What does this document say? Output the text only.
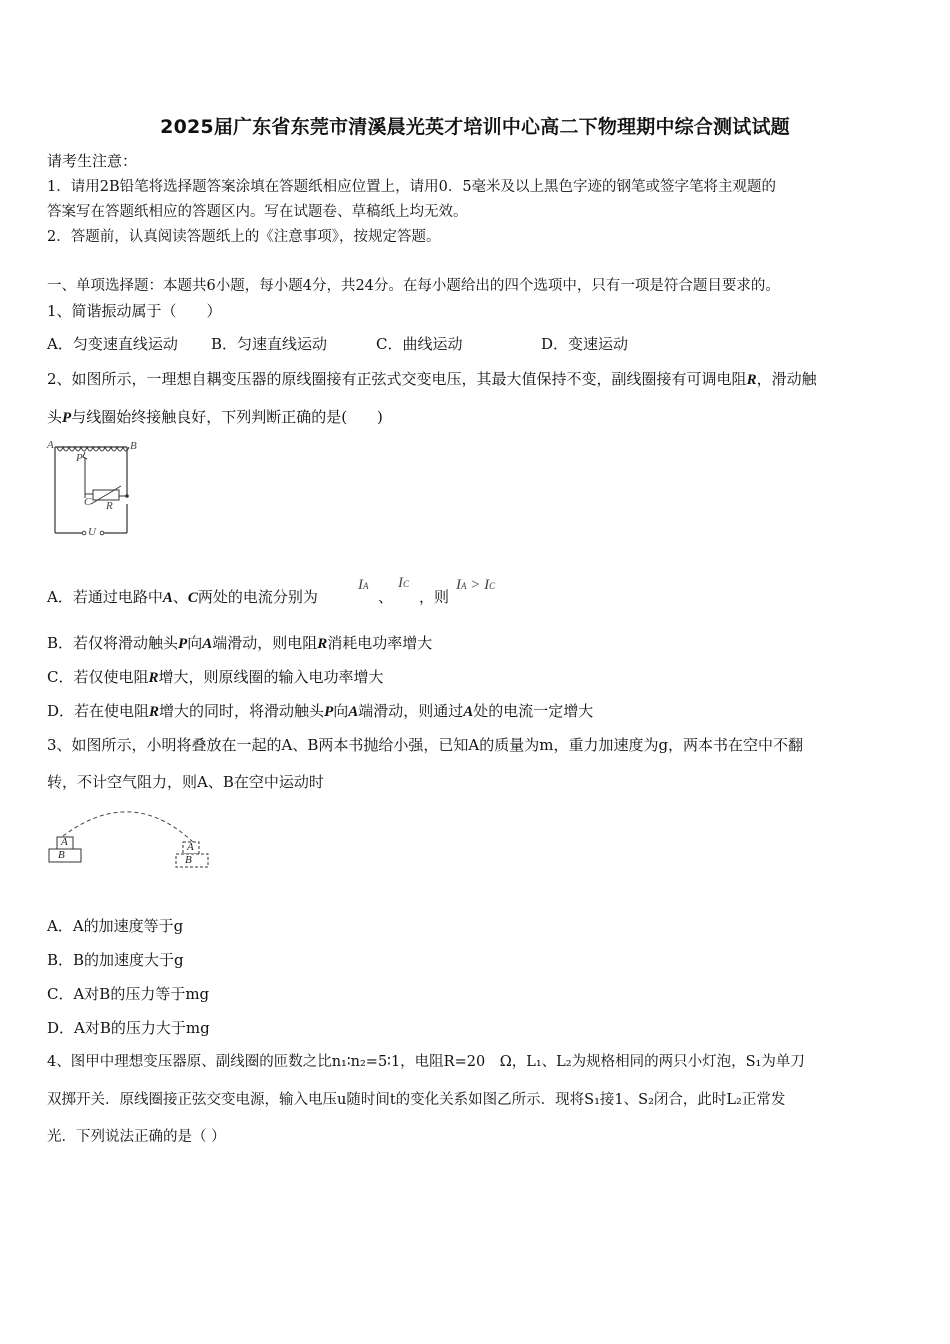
2025届广东省东莞市清溪晨光英才培训中心高二下物理期中综合测试试题
请考生注意：
1．请用2B铅笔将选择题答案涂填在答题纸相应位置上，请用0．5毫米及以上黑色字迹的钢笔或签字笔将主观题的
答案写在答题纸相应的答题区内。写在试题卷、草稿纸上均无效。
2．答题前，认真阅读答题纸上的《注意事项》，按规定答题。
一、单项选择题：本题共6小题，每小题4分，共24分。在每小题给出的四个选项中，只有一项是符合题目要求的。
1、简谐振动属于（　　）
A．匀变速直线运动 B．匀速直线运动	C．曲线运动	D．变速运动
2、如图所示，一理想自耦变压器的原线圈接有正弦式交变电压，其最大值保持不变，副线圈接有可调电阻R，滑动触
头P与线圈始终接触良好，下列判断正确的是(　　)
A	B
P
C R
U
A．若通过电路中A、C两处的电流分别为
IA
、
IC
，则
IA > IC
B．若仅将滑动触头P向A端滑动，则电阻R消耗电功率增大
C．若仅使电阻R增大，则原线圈的输入电功率增大
D．若在使电阻R增大的同时，将滑动触头P向A端滑动，则通过A处的电流一定增大
3、如图所示，小明将叠放在一起的A、B两本书抛给小强，已知A的质量为m，重力加速度为g，两本书在空中不翻
转，不计空气阻力，则A、B在空中运动时
A
B
A
B
A．A的加速度等于g
B．B的加速度大于g
C．A对B的压力等于mg
D．A对B的压力大于mg
4、图甲中理想变压器原、副线圈的匝数之比n₁∶n₂=5∶1，电阻R=20　Ω，L₁、L₂为规格相同的两只小灯泡，S₁为单刀
双掷开关．原线圈接正弦交变电源，输入电压u随时间t的变化关系如图乙所示．现将S₁接1、S₂闭合，此时L₂正常发
光．下列说法正确的是（ ）
